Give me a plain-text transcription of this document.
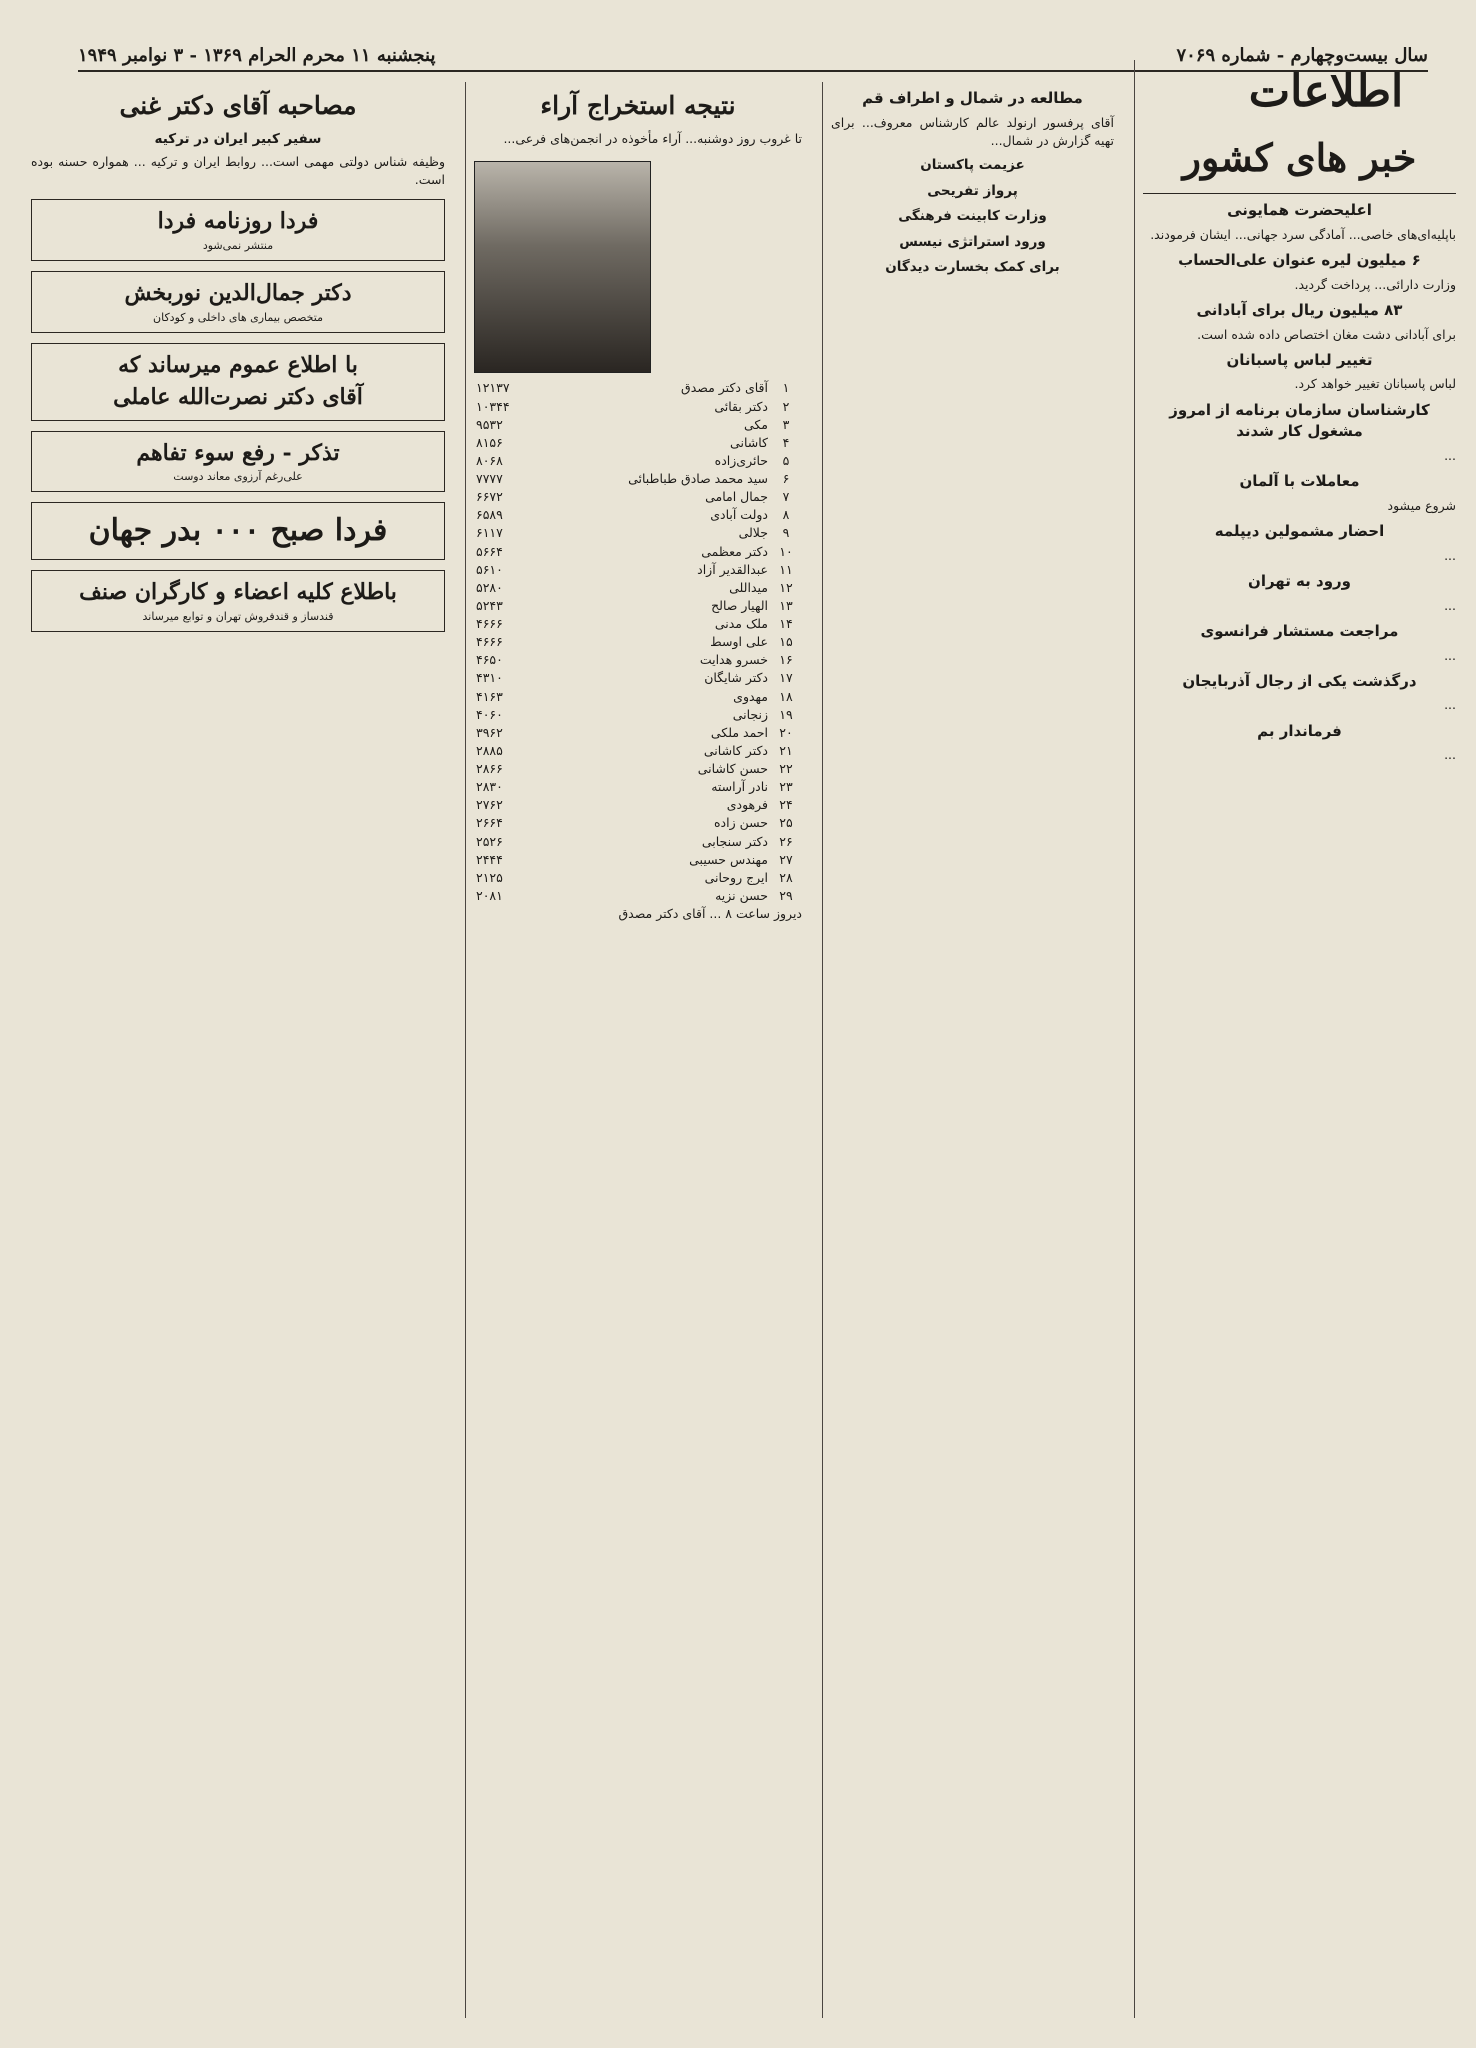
سال بیست‌وچهارم - شماره ۷۰۶۹
پنجشنبه ۱۱ محرم الحرام ۱۳۶۹ - ۳ نوامبر ۱۹۴۹
اطلاعات
خبر های کشور
اعلیحضرت همایونی

باپلیه‌ای‌های خاصی... آمادگی سرد جهانی... ایشان فرمودند.

۶ میلیون لیره عنوان علی‌الحساب

وزارت دارائی... پرداخت گردید.

۸۳ میلیون ریال برای آبادانی

برای آبادانی دشت مغان اختصاص داده شده است.

تغییر لباس پاسبانان

لباس پاسبانان تغییر خواهد کرد.

کارشناسان سازمان برنامه از امروز مشغول کار شدند

...

معاملات با آلمان

شروع میشود

احضار مشمولین دیپلمه

...

ورود به تهران

...

مراجعت مستشار فرانسوی

...

درگذشت یکی از رجال آذربایجان

...

فرماندار بم

...

مطالعه در شمال و اطراف قم

آقای پرفسور ارنولد عالم کارشناس معروف... برای تهیه گزارش در شمال...

عزیمت پاکستان
پرواز تفریحی
وزارت کابینت فرهنگی
ورود استراتژی نیسس
برای کمک بخسارت دیدگان
نتیجه استخراج آراء

تا غروب روز دوشنبه... آراء مأخوذه در انجمن‌های فرعی...

۱	آقای دکتر مصدق	۱۲۱۳۷
۲	دکتر بقائی	۱۰۳۴۴
۳	مکی	۹۵۳۲
۴	کاشانی	۸۱۵۶
۵	حائری‌زاده	۸۰۶۸
۶	سید محمد صادق طباطبائی	۷۷۷۷
۷	جمال امامی	۶۶۷۲
۸	دولت آبادی	۶۵۸۹
۹	جلالی	۶۱۱۷
۱۰	دکتر معظمی	۵۶۶۴
۱۱	عبدالقدیر آزاد	۵۶۱۰
۱۲	میداللی	۵۲۸۰
۱۳	الهیار صالح	۵۲۴۳
۱۴	ملک مدنی	۴۶۶۶
۱۵	علی اوسط	۴۶۶۶
۱۶	خسرو هدایت	۴۶۵۰
۱۷	دکتر شایگان	۴۳۱۰
۱۸	مهدوی	۴۱۶۳
۱۹	زنجانی	۴۰۶۰
۲۰	احمد ملکی	۳۹۶۲
۲۱	دکتر کاشانی	۲۸۸۵
۲۲	حسن کاشانی	۲۸۶۶
۲۳	نادر آراسته	۲۸۳۰
۲۴	فرهودی	۲۷۶۲
۲۵	حسن زاده	۲۶۶۴
۲۶	دکتر سنجابی	۲۵۲۶
۲۷	مهندس حسیبی	۲۴۴۴
۲۸	ایرج روحانی	۲۱۲۵
۲۹	حسن نزیه	۲۰۸۱

دیروز ساعت ۸ ... آقای دکتر مصدق

مصاحبه آقای دکتر غنی
سفیر کبیر ایران در ترکیه

وظیفه شناس دولتی مهمی است... روابط ایران و ترکیه ... همواره حسنه بوده است.

فردا روزنامه فردا
منتشر نمی‌شود
دکتر جمال‌الدین نوربخش
متخصص بیماری های داخلی و کودکان
با اطلاع عموم میرساند که
آقای دکتر نصرت‌الله عاملی
تذکر - رفع سوء تفاهم
علی‌رغم آرزوی معاند دوست
فردا صبح ۰۰۰ بدر جهان
باطلاع کلیه اعضاء و کارگران صنف
قندساز و قندفروش تهران و توابع میرساند
